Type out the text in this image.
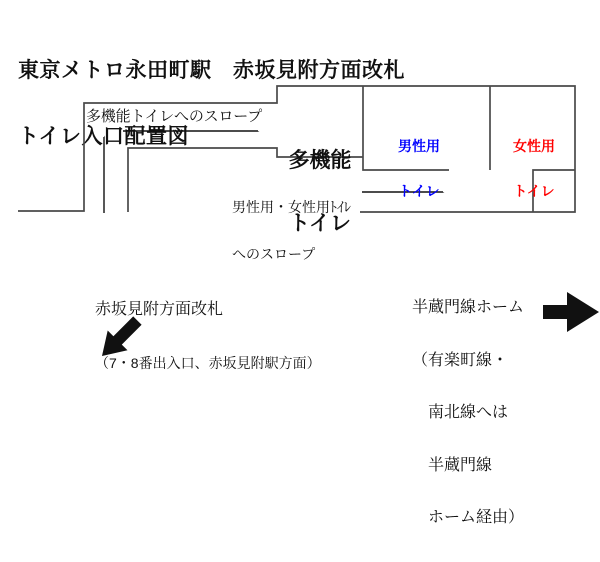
東京メトロ永田町駅　赤坂見附方面改札

トイレ入口配置図

多機能トイレへのスロープ

多機能

トイレ

男性用

トイレ

女性用

トイレ

男性用・女性用ﾄｲﾚ

へのスロープ

赤坂見附方面改札

（7・8番出入口、赤坂見附駅方面）

半蔵門線ホーム

（有楽町線・

南北線へは

半蔵門線

ホーム経由）
